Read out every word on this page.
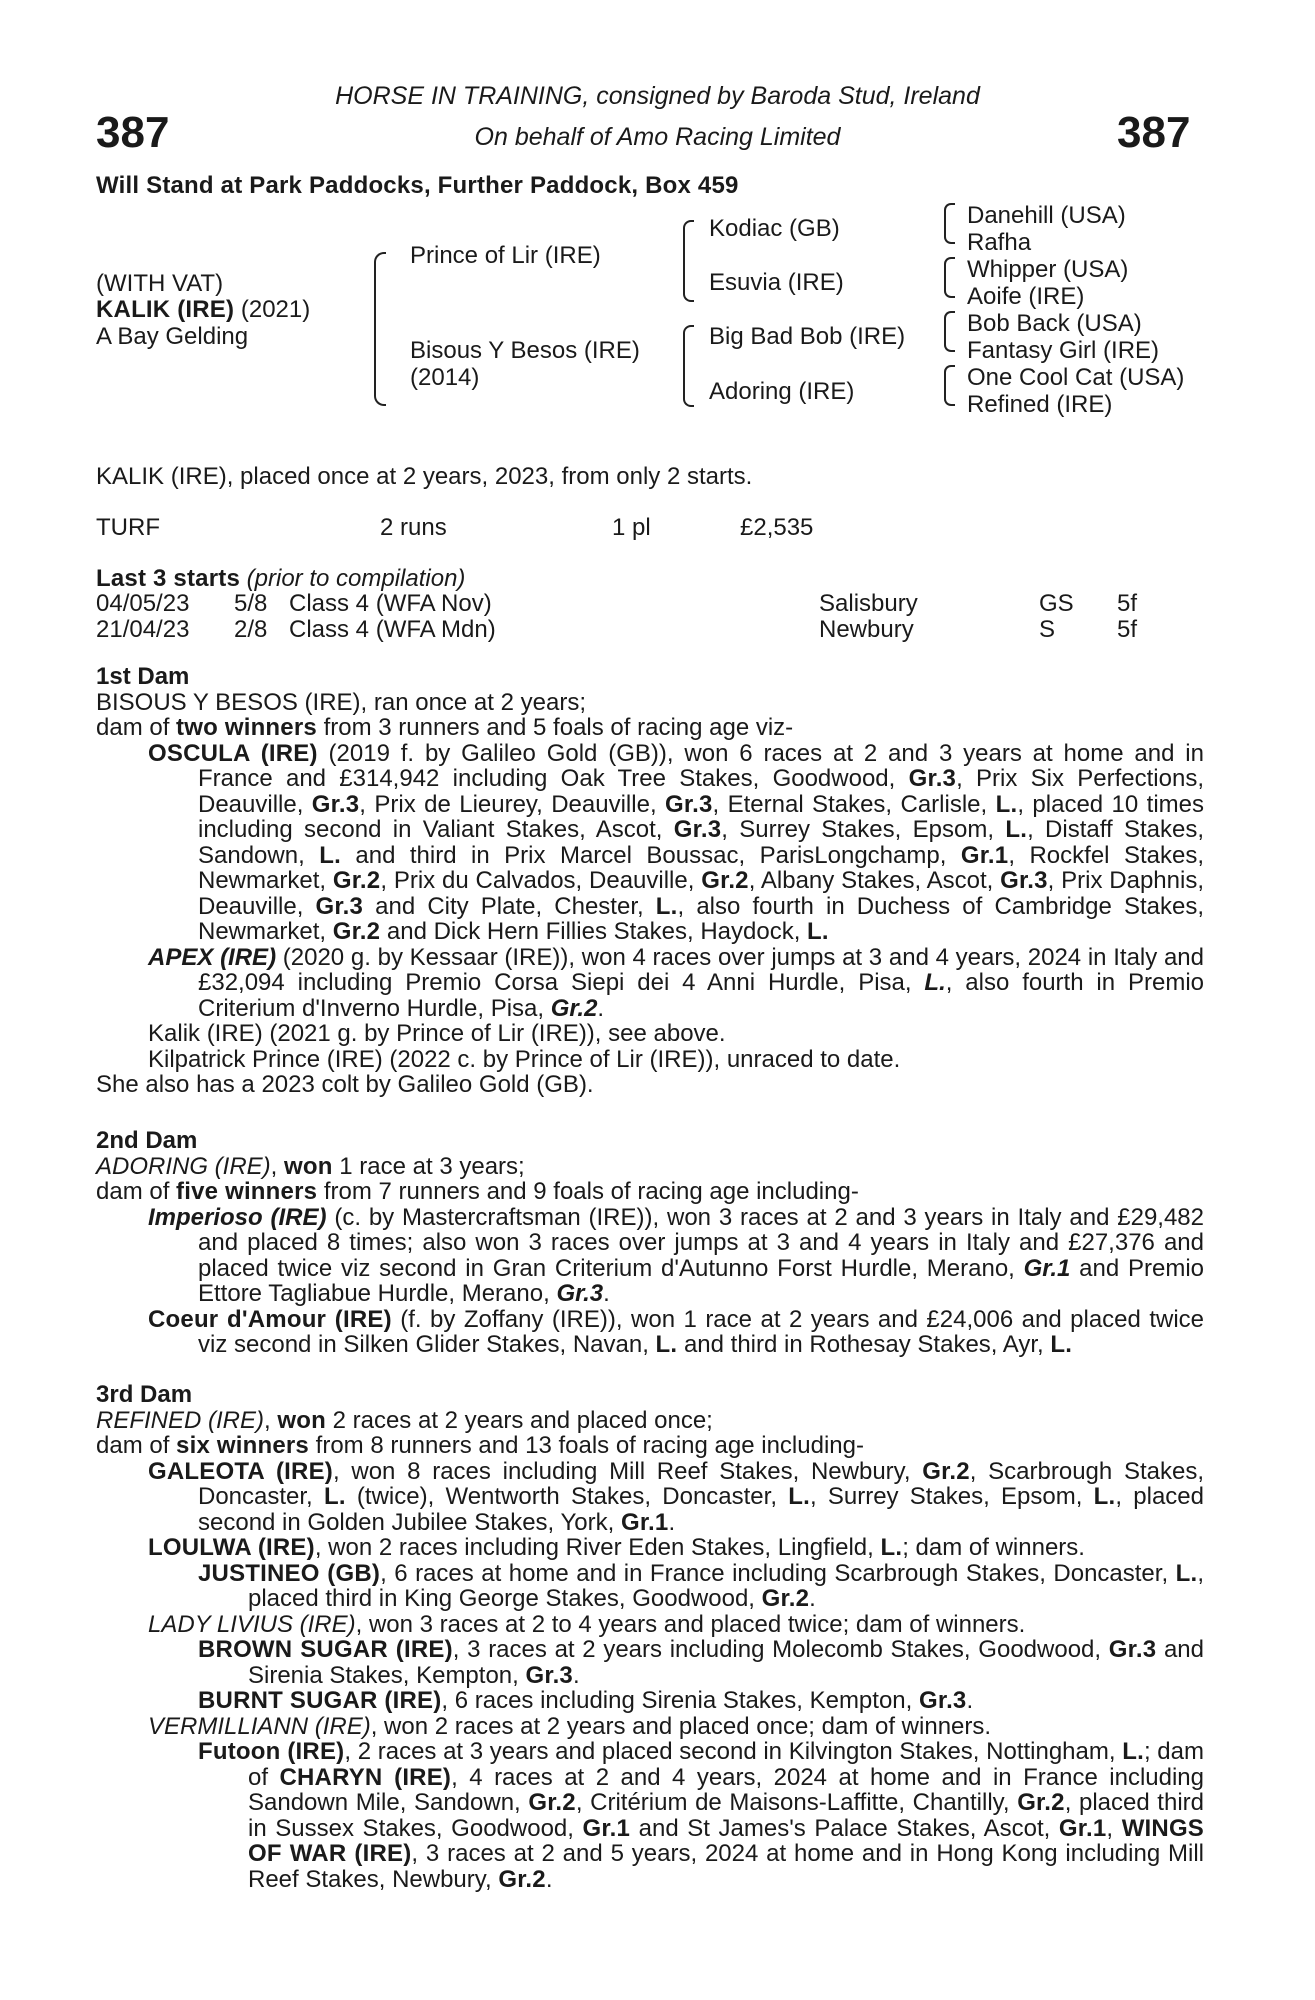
387	387
HORSE IN TRAINING, consigned by Baroda Stud, Ireland
On behalf of Amo Racing Limited
Will Stand at Park Paddocks, Further Paddock, Box 459
(WITH VAT)
KALIK (IRE) (2021)
A Bay Gelding
Prince of Lir (IRE)
Bisous Y Besos (IRE)
(2014)
Kodiac (GB)
Esuvia (IRE)
Big Bad Bob (IRE)
Adoring (IRE)
Danehill (USA)
Rafha
Whipper (USA)
Aoife (IRE)
Bob Back (USA)
Fantasy Girl (IRE)
One Cool Cat (USA)
Refined (IRE)
KALIK (IRE), placed once at 2 years, 2023, from only 2 starts.
TURF	2 runs	1 pl	£2,535
Last 3 starts (prior to compilation)
04/05/23 5/8 Class 4 (WFA Nov)	Salisbury	GS 5f
21/04/23 2/8 Class 4 (WFA Mdn)	Newbury	S	5f

1st Dam

BISOUS Y BESOS (IRE), ran once at 2 years;

dam of two winners from 3 runners and 5 foals of racing age viz-

OSCULA (IRE) (2019 f. by Galileo Gold (GB)), won 6 races at 2 and 3 years at home and in France and £314,942 including Oak Tree Stakes, Goodwood, Gr.3, Prix Six Perfections, Deauville, Gr.3, Prix de Lieurey, Deauville, Gr.3, Eternal Stakes, Carlisle, L., placed 10 times including second in Valiant Stakes, Ascot, Gr.3, Surrey Stakes, Epsom, L., Distaff Stakes, Sandown, L. and third in Prix Marcel Boussac, ParisLongchamp, Gr.1, Rockfel Stakes, Newmarket, Gr.2, Prix du Calvados, Deauville, Gr.2, Albany Stakes, Ascot, Gr.3, Prix Daphnis, Deauville, Gr.3 and City Plate, Chester, L., also fourth in Duchess of Cambridge Stakes, Newmarket, Gr.2 and Dick Hern Fillies Stakes, Haydock, L.

APEX (IRE) (2020 g. by Kessaar (IRE)), won 4 races over jumps at 3 and 4 years, 2024 in Italy and £32,094 including Premio Corsa Siepi dei 4 Anni Hurdle, Pisa, L., also fourth in Premio Criterium d'Inverno Hurdle, Pisa, Gr.2.

Kalik (IRE) (2021 g. by Prince of Lir (IRE)), see above.

Kilpatrick Prince (IRE) (2022 c. by Prince of Lir (IRE)), unraced to date.

She also has a 2023 colt by Galileo Gold (GB).

2nd Dam

ADORING (IRE), won 1 race at 3 years;

dam of five winners from 7 runners and 9 foals of racing age including-

Imperioso (IRE) (c. by Mastercraftsman (IRE)), won 3 races at 2 and 3 years in Italy and £29,482 and placed 8 times; also won 3 races over jumps at 3 and 4 years in Italy and £27,376 and placed twice viz second in Gran Criterium d'Autunno Forst Hurdle, Merano, Gr.1 and Premio Ettore Tagliabue Hurdle, Merano, Gr.3.

Coeur d'Amour (IRE) (f. by Zoffany (IRE)), won 1 race at 2 years and £24,006 and placed twice viz second in Silken Glider Stakes, Navan, L. and third in Rothesay Stakes, Ayr, L.

3rd Dam

REFINED (IRE), won 2 races at 2 years and placed once;

dam of six winners from 8 runners and 13 foals of racing age including-

GALEOTA (IRE), won 8 races including Mill Reef Stakes, Newbury, Gr.2, Scarbrough Stakes, Doncaster, L. (twice), Wentworth Stakes, Doncaster, L., Surrey Stakes, Epsom, L., placed second in Golden Jubilee Stakes, York, Gr.1.

LOULWA (IRE), won 2 races including River Eden Stakes, Lingfield, L.; dam of winners.

JUSTINEO (GB), 6 races at home and in France including Scarbrough Stakes, Doncaster, L., placed third in King George Stakes, Goodwood, Gr.2.

LADY LIVIUS (IRE), won 3 races at 2 to 4 years and placed twice; dam of winners.

BROWN SUGAR (IRE), 3 races at 2 years including Molecomb Stakes, Goodwood, Gr.3 and Sirenia Stakes, Kempton, Gr.3.

BURNT SUGAR (IRE), 6 races including Sirenia Stakes, Kempton, Gr.3.

VERMILLIANN (IRE), won 2 races at 2 years and placed once; dam of winners.

Futoon (IRE), 2 races at 3 years and placed second in Kilvington Stakes, Nottingham, L.; dam of CHARYN (IRE), 4 races at 2 and 4 years, 2024 at home and in France including Sandown Mile, Sandown, Gr.2, Critérium de Maisons-Laffitte, Chantilly, Gr.2, placed third in Sussex Stakes, Goodwood, Gr.1 and St James's Palace Stakes, Ascot, Gr.1, WINGS OF WAR (IRE), 3 races at 2 and 5 years, 2024 at home and in Hong Kong including Mill Reef Stakes, Newbury, Gr.2.
